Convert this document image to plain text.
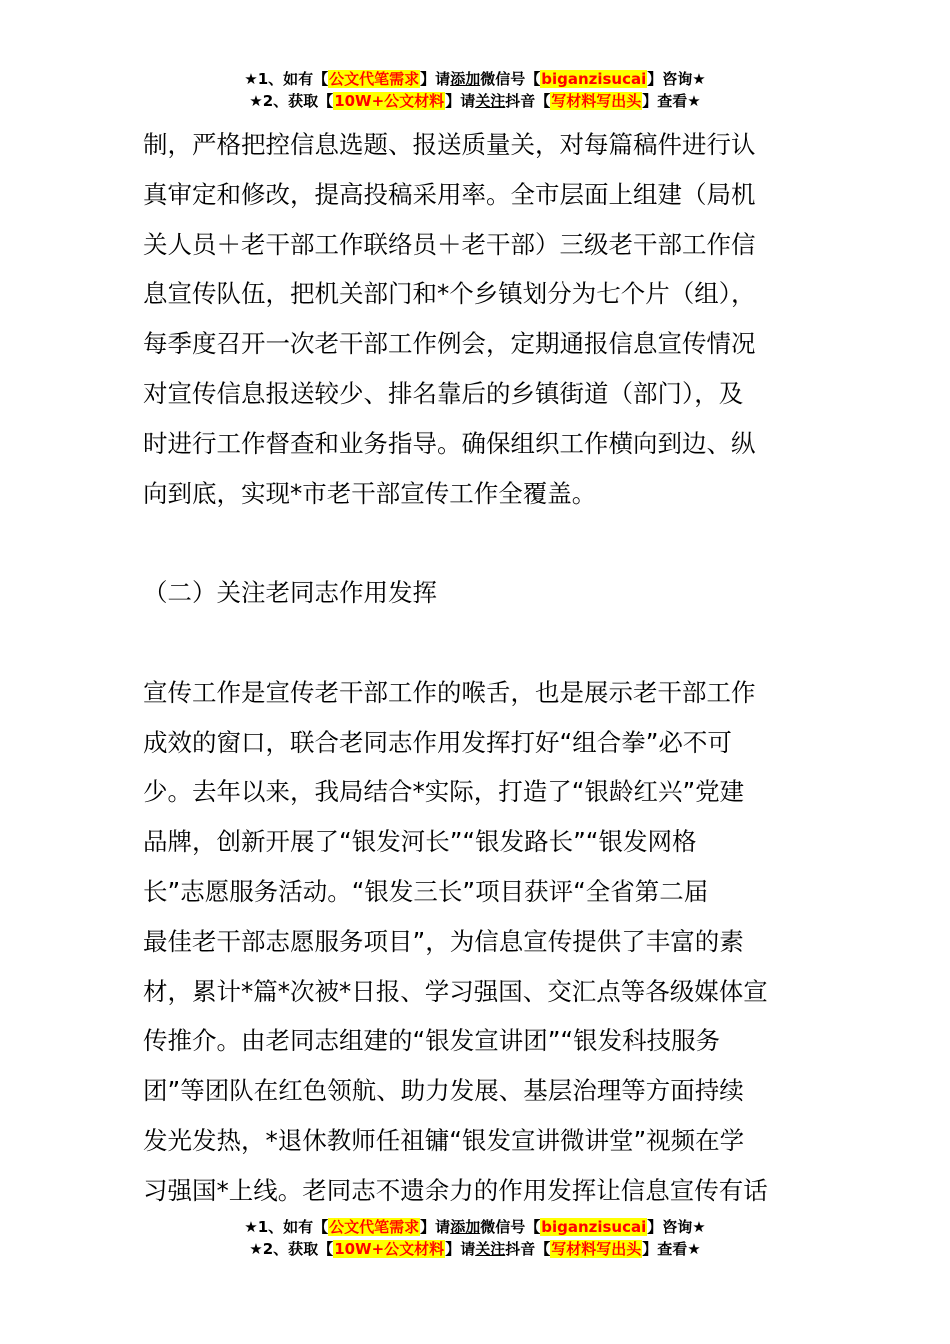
★1、如有【公文代笔需求】请添加微信号【biganzisucai】咨询★
★2、获取【10W+公文材料】请关注抖音【写材料写出头】查看★

制，严格把控信息选题、报送质量关，对每篇稿件进行认
真审定和修改，提高投稿采用率。全市层面上组建（局机
关人员＋老干部工作联络员＋老干部）三级老干部工作信
息宣传队伍，把机关部门和*个乡镇划分为七个片（组），
每季度召开一次老干部工作例会，定期通报信息宣传情况
对宣传信息报送较少、排名靠后的乡镇街道（部门），及
时进行工作督查和业务指导。确保组织工作横向到边、纵
向到底，实现*市老干部宣传工作全覆盖。

（二）关注老同志作用发挥

宣传工作是宣传老干部工作的喉舌，也是展示老干部工作
成效的窗口，联合老同志作用发挥打好“组合拳”必不可
少。去年以来，我局结合*实际，打造了“银龄红兴”党建
品牌，创新开展了“银发河长”“银发路长”“银发网格
长”志愿服务活动。“银发三长”项目获评“全省第二届
最佳老干部志愿服务项目”，为信息宣传提供了丰富的素
材，累计*篇*次被*日报、学习强国、交汇点等各级媒体宣
传推介。由老同志组建的“银发宣讲团”“银发科技服务
团”等团队在红色领航、助力发展、基层治理等方面持续
发光发热，*退休教师任祖镛“银发宣讲微讲堂”视频在学
习强国*上线。老同志不遗余力的作用发挥让信息宣传有话

★1、如有【公文代笔需求】请添加微信号【biganzisucai】咨询★
★2、获取【10W+公文材料】请关注抖音【写材料写出头】查看★
